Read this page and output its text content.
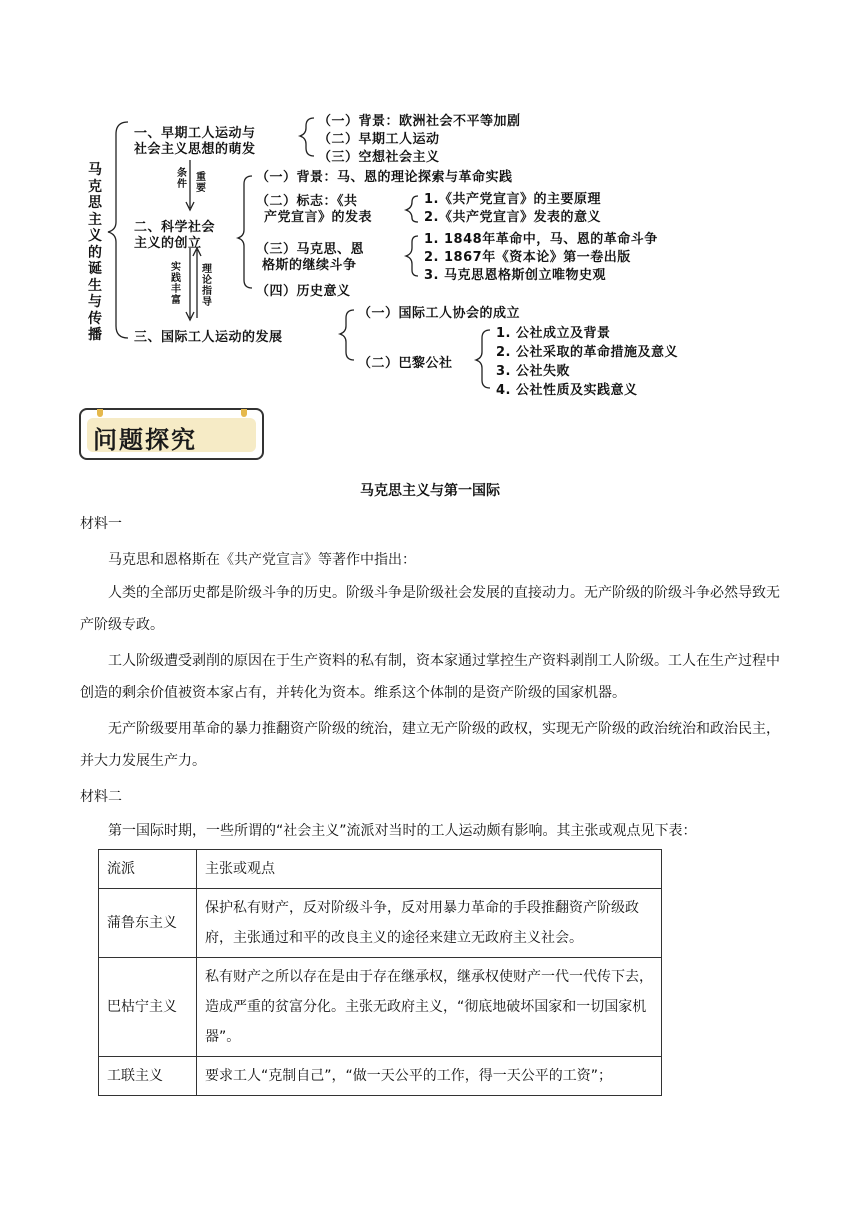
马克思主义的诞生与传播
一、早期工人运动与
社会主义思想的萌发
（一）背景：欧洲社会不平等加剧
（二）早期工人运动
（三）空想社会主义
条件
重要
二、科学社会
主义的创立
实践丰富
理论指导
（一）背景：马、恩的理论探索与革命实践
（二）标志：《共
产党宣言》的发表
1.《共产党宣言》的主要原理
2.《共产党宣言》发表的意义
（三）马克思、恩
格斯的继续斗争
1. 1848年革命中，马、恩的革命斗争
2. 1867年《资本论》第一卷出版
3. 马克思恩格斯创立唯物史观
（四）历史意义
三、国际工人运动的发展
（一）国际工人协会的成立
（二）巴黎公社
1. 公社成立及背景
2. 公社采取的革命措施及意义
3. 公社失败
4. 公社性质及实践意义
问题探究
马克思主义与第一国际
材料一
马克思和恩格斯在《共产党宣言》等著作中指出：
人类的全部历史都是阶级斗争的历史。阶级斗争是阶级社会发展的直接动力。无产阶级的阶级斗争必然导致无产阶级专政。
工人阶级遭受剥削的原因在于生产资料的私有制，资本家通过掌控生产资料剥削工人阶级。工人在生产过程中创造的剩余价值被资本家占有，并转化为资本。维系这个体制的是资产阶级的国家机器。
无产阶级要用革命的暴力推翻资产阶级的统治，建立无产阶级的政权，实现无产阶级的政治统治和政治民主，并大力发展生产力。
材料二
第一国际时期，一些所谓的“社会主义”流派对当时的工人运动颇有影响。其主张或观点见下表：
流派	主张或观点
蒲鲁东主义	保护私有财产，反对阶级斗争，反对用暴力革命的手段推翻资产阶级政府，主张通过和平的改良主义的途径来建立无政府主义社会。
巴枯宁主义	私有财产之所以存在是由于存在继承权，继承权使财产一代一代传下去，造成严重的贫富分化。主张无政府主义，“彻底地破坏国家和一切国家机器”。
工联主义	要求工人“克制自己”，“做一天公平的工作，得一天公平的工资”；
